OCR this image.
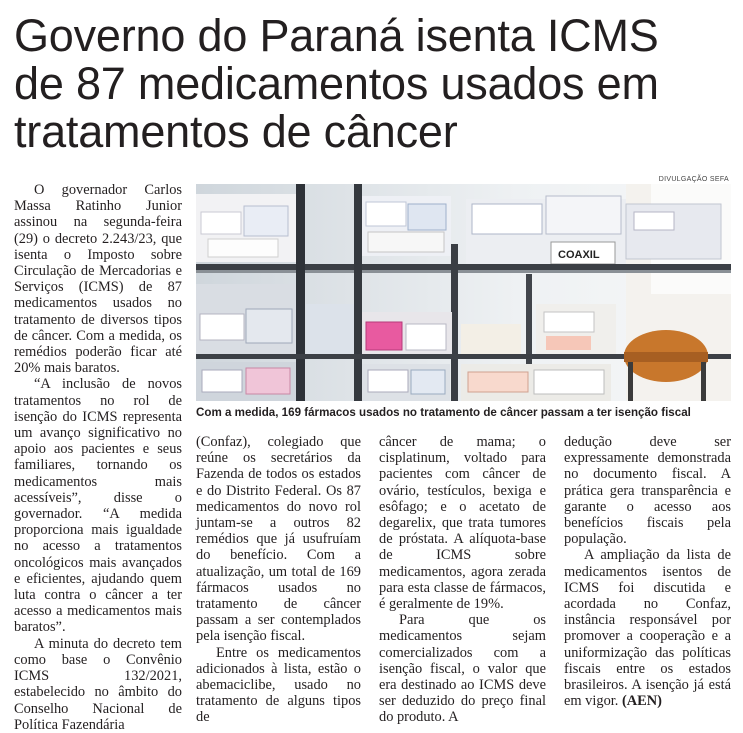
Governo do Paraná isenta ICMS
de 87 medicamentos usados em
tratamentos de câncer
DIVULGAÇÃO SEFA
COAXIL
Com a medida, 169 fármacos usados no tratamento de câncer passam a ter isenção fiscal

O governador Carlos Massa Ratinho Junior assinou na segunda-feira (29) o decreto 2.243/23, que isenta o Imposto sobre Circulação de Mercadorias e Serviços (ICMS) de 87 medicamentos usados no tratamento de diversos tipos de câncer. Com a medida, os remédios poderão ficar até 20% mais baratos.

“A inclusão de novos tratamentos no rol de isenção do ICMS representa um avanço significativo no apoio aos pacientes e seus familiares, tornando os medicamentos mais acessíveis”, disse o governador. “A medida proporciona mais igualdade no acesso a tratamentos oncológicos mais avançados e eficientes, ajudando quem luta contra o câncer a ter acesso a medicamentos mais baratos”.

A minuta do decreto tem como base o Convênio ICMS 132/2021, estabelecido no âmbito do Conselho Nacional de Política Fazendária

(Confaz), colegiado que reúne os secretários da Fazenda de todos os estados e do Distrito Federal. Os 87 medicamentos do novo rol juntam-se a outros 82 remédios que já usufruíam do benefício. Com a atualização, um total de 169 fármacos usados no tratamento de câncer passam a ser contemplados pela isenção fiscal.

Entre os medicamentos adicionados à lista, estão o abemaciclibe, usado no tratamento de alguns tipos de

câncer de mama; o cisplatinum, voltado para pacientes com câncer de ovário, testículos, bexiga e esôfago; e o acetato de degarelix, que trata tumores de próstata. A alíquota-base de ICMS sobre medicamentos, agora zerada para esta classe de fármacos, é geralmente de 19%.

Para que os medicamentos sejam comercializados com a isenção fiscal, o valor que era destinado ao ICMS deve ser deduzido do preço final do produto. A

dedução deve ser expressamente demonstrada no documento fiscal. A prática gera transparência e garante o acesso aos benefícios fiscais pela população.

A ampliação da lista de medicamentos isentos de ICMS foi discutida e acordada no Confaz, instância responsável por promover a cooperação e a uniformização das políticas fiscais entre os estados brasileiros. A isenção já está em vigor. (AEN)
